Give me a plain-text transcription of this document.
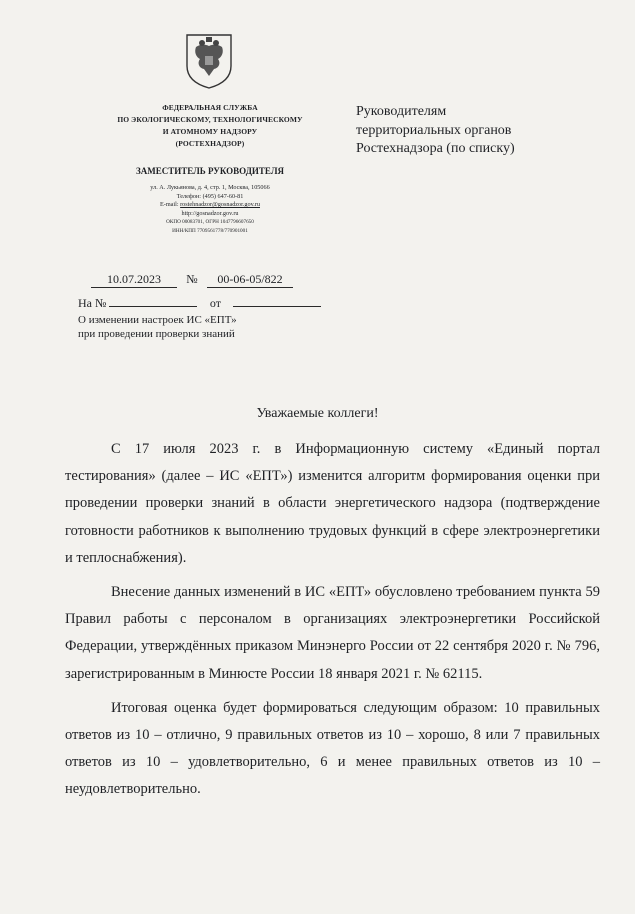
ФЕДЕРАЛЬНАЯ СЛУЖБА
ПО ЭКОЛОГИЧЕСКОМУ, ТЕХНОЛОГИЧЕСКОМУ
И АТОМНОМУ НАДЗОРУ
(РОСТЕХНАДЗОР)
ЗАМЕСТИТЕЛЬ РУКОВОДИТЕЛЯ
ул. А. Лукьянова, д. 4, стр. 1, Москва, 105066
Телефон: (495) 647-60-81
E-mail: rostehnadzor@gosnadzor.gov.ru
http://gosnadzor.gov.ru
ОКПО 00083701, ОГРН 1047796607650
ИНН/КПП 7709561778/770901001
Руководителям
территориальных органов
Ростехнадзора (по списку)
10.07.2023 № 00-06-05/822
На №	от
О изменении настроек ИС «ЕПТ»
при проведении проверки знаний
Уважаемые коллеги!

С 17 июля 2023 г. в Информационную систему «Единый портал тестирования» (далее – ИС «ЕПТ») изменится алгоритм формирования оценки при проведении проверки знаний в области энергетического надзора (подтверждение готовности работников к выполнению трудовых функций в сфере электроэнергетики и теплоснабжения).

Внесение данных изменений в ИС «ЕПТ» обусловлено требованием пункта 59 Правил работы с персоналом в организациях электроэнергетики Российской Федерации, утверждённых приказом Минэнерго России от 22 сентября 2020 г. № 796, зарегистрированным в Минюсте России 18 января 2021 г. № 62115.

Итоговая оценка будет формироваться следующим образом: 10 правильных ответов из 10 – отлично, 9 правильных ответов из 10 – хорошо, 8 или 7 правильных ответов из 10 – удовлетворительно, 6 и менее правильных ответов из 10 – неудовлетворительно.
